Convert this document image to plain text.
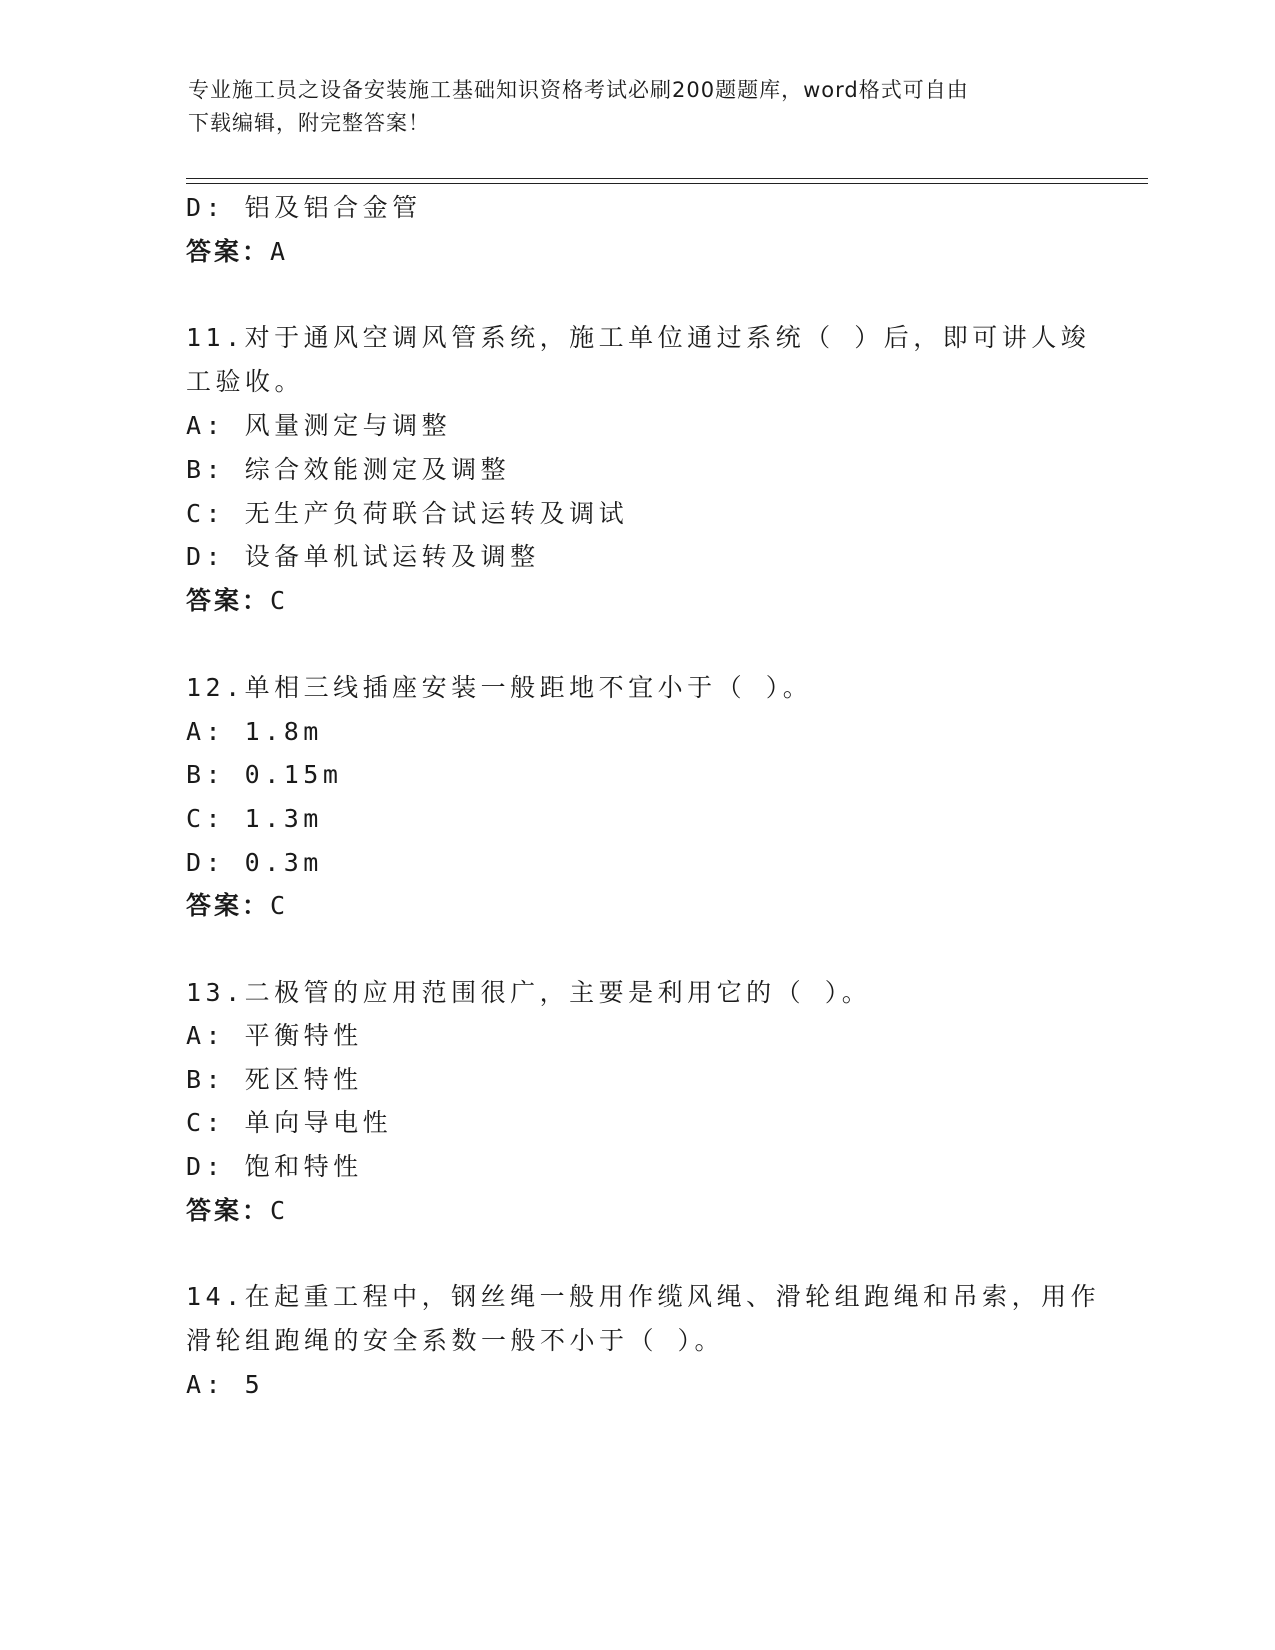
专业施工员之设备安装施工基础知识资格考试必刷200题题库，word格式可自由
下载编辑，附完整答案！
D: 铝及铝合金管
答案：A
11.对于通风空调风管系统，施工单位通过系统（ ）后，即可讲人竣
工验收。
A: 风量测定与调整
B: 综合效能测定及调整
C: 无生产负荷联合试运转及调试
D: 设备单机试运转及调整
答案：C
12.单相三线插座安装一般距地不宜小于（ ）。
A: 1.8m
B: 0.15m
C: 1.3m
D: 0.3m
答案：C
13.二极管的应用范围很广，主要是利用它的（ ）。
A: 平衡特性
B: 死区特性
C: 单向导电性
D: 饱和特性
答案：C
14.在起重工程中，钢丝绳一般用作缆风绳、滑轮组跑绳和吊索，用作
滑轮组跑绳的安全系数一般不小于（ ）。
A: 5
